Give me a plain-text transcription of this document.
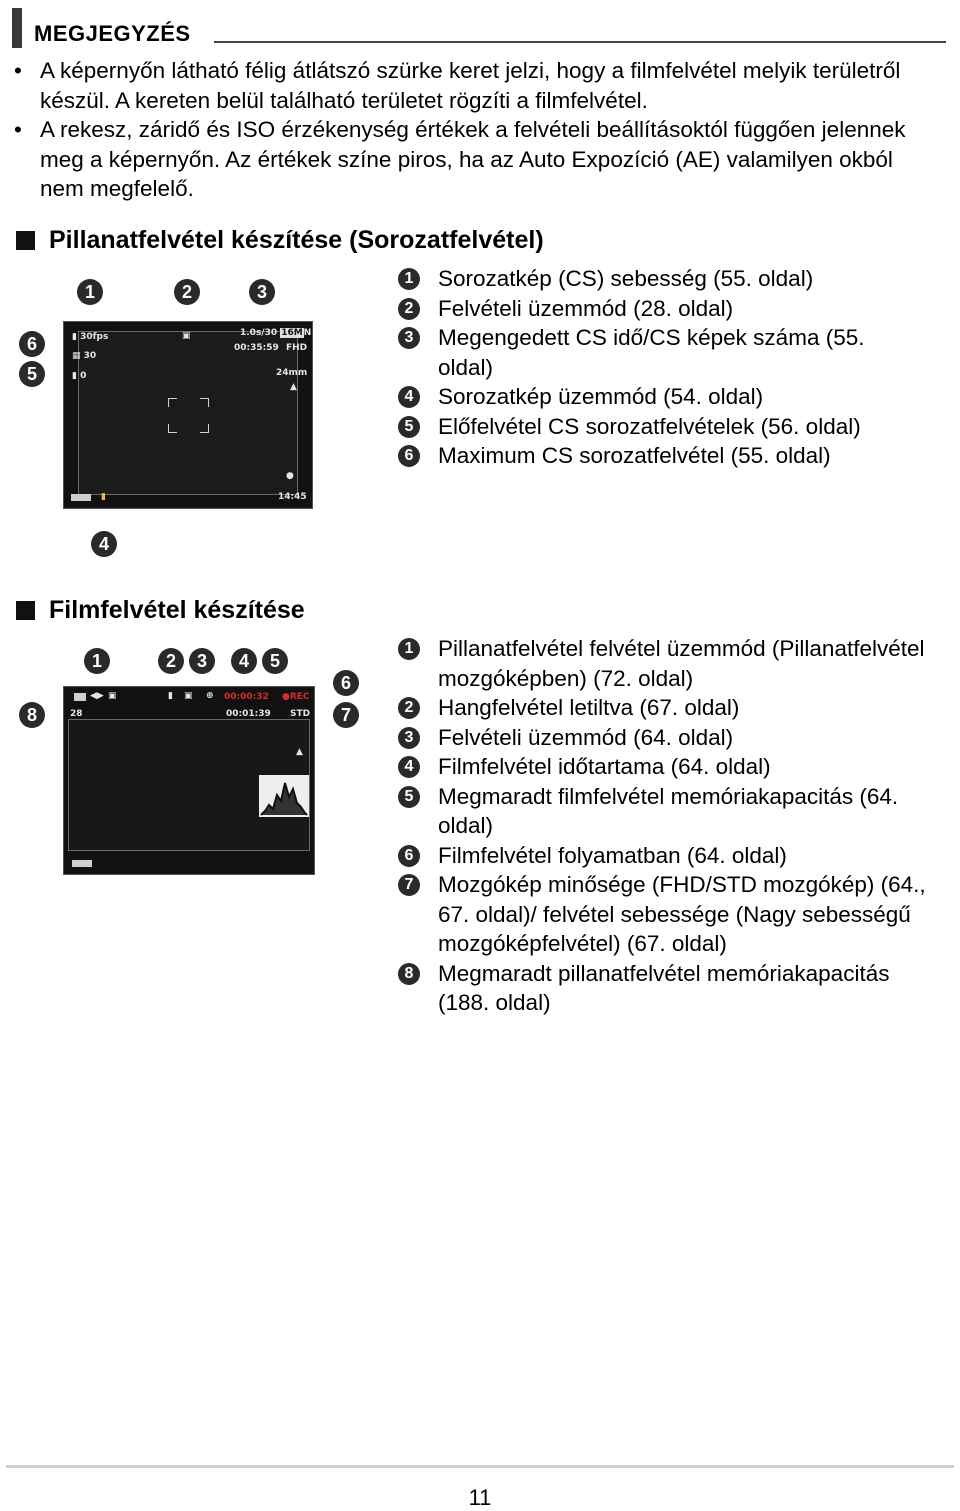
MEGJEGYZÉS
• A képernyőn látható félig átlátszó szürke keret jelzi, hogy a filmfelvétel melyik területről készül. A kereten belül található területet rögzíti a filmfelvétel.
• A rekesz, záridő és ISO érzékenység értékek a felvételi beállításoktól függően jelennek meg a képernyőn. Az értékek színe piros, ha az Auto Expozíció (AE) valamilyen okból nem megfelelő.
Pillanatfelvétel készítése (Sorozatfelvétel)
1	2	3
6
5
4
▮ 30fps
▦ 30
▮ 0
▣	1.0s/30 16MN
00:35:59 FHD
24mm
▲
●
▮	14:45
1 Sorozatkép (CS) sebesség (55. oldal)
2 Felvételi üzemmód (28. oldal)
3 Megengedett CS idő/CS képek száma (55. oldal)
4 Sorozatkép üzemmód (54. oldal)
5 Előfelvétel CS sorozatfelvételek (56. oldal)
6 Maximum CS sorozatfelvétel (55. oldal)
Filmfelvétel készítése
1	2	3	4	5
6
7
8
◀▶ ▣	▮ ▣ ⊕ 00:00:32 ●REC
28	00:01:39 STD
▲
1 Pillanatfelvétel felvétel üzemmód (Pillanatfelvétel mozgóképben) (72. oldal)
2 Hangfelvétel letiltva (67. oldal)
3 Felvételi üzemmód (64. oldal)
4 Filmfelvétel időtartama (64. oldal)
5 Megmaradt filmfelvétel memóriakapacitás (64. oldal)
6 Filmfelvétel folyamatban (64. oldal)
7 Mozgókép minősége (FHD/STD mozgókép) (64., 67. oldal)/ felvétel sebessége (Nagy sebességű mozgóképfelvétel) (67. oldal)
8 Megmaradt pillanatfelvétel memóriakapacitás (188. oldal)
11
